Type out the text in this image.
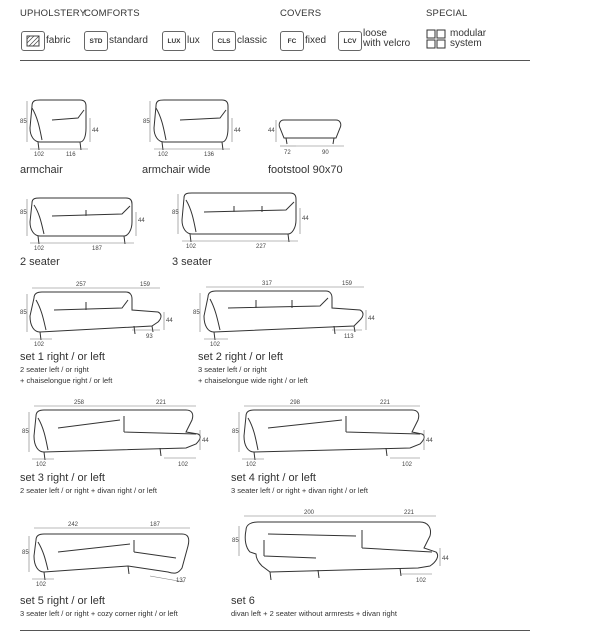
UPHOLSTERY
COMFORTS	COVERS	SPECIAL
fabric	STD standard	LUX lux	CLS classic	FC fixed	LCV
loose
with velcro
modular
system
85
44
102	116
85
44
102	136
44
72	90
85
44
102	187
85
44
102	227
257	159
85
44
102
93
317	159
85
44
102
113
258	221
85
44
102	102
298	221
85
44
102	102
242	187
85
102
137
200	221
85
44
102
armchair	armchair wide	footstool 90x70
2 seater	3 seater
set 1 right / or left
2 seater left / or right
+ chaiselongue right / or left
set 2 right / or left
3 seater left / or right
+ chaiselongue wide right / or left
set 3 right / or left
2 seater left / or right + divan right / or left
set 4 right / or left
3 seater left / or right + divan right / or left
set 5 right / or left
3 seater left / or right + cozy corner right / or left
set 6
divan left + 2 seater without armrests + divan right
